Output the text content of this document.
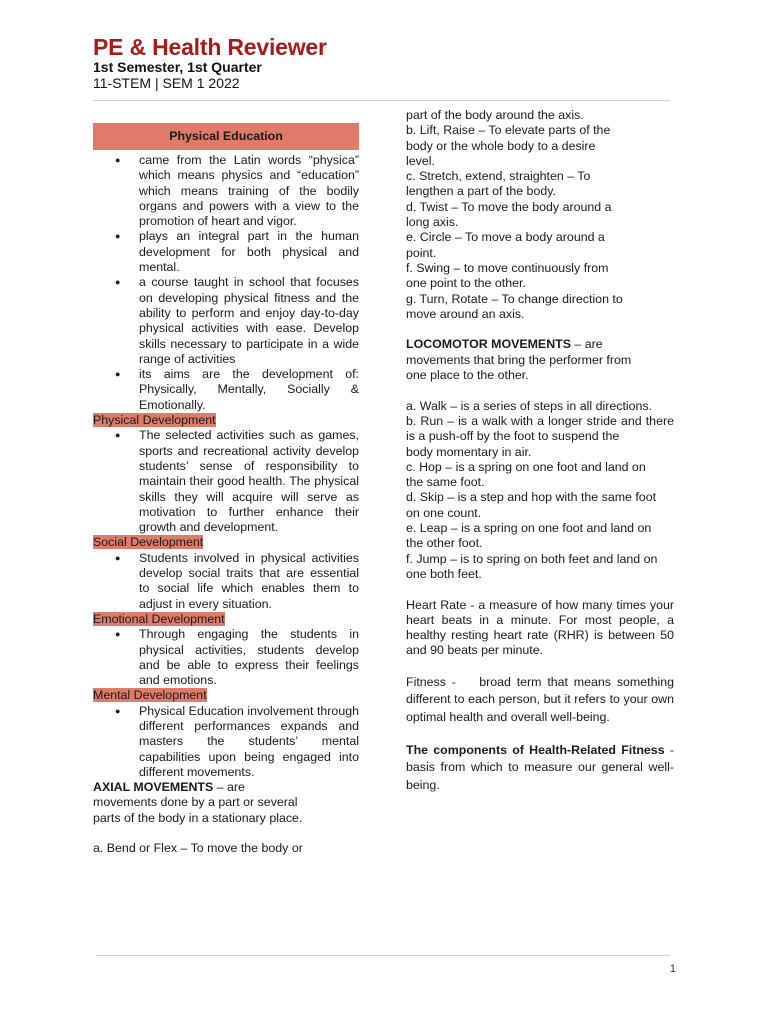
PE & Health Reviewer
1st Semester, 1st Quarter
11-STEM | SEM 1 2022
Physical Education
● came from the Latin words “physica” which means physics and “education” which means training of the bodily organs and powers with a view to the promotion of heart and vigor.
● plays an integral part in the human development for both physical and mental.
● a course taught in school that focuses on developing physical fitness and the ability to perform and enjoy day-to-day physical activities with ease. Develop skills necessary to participate in a wide range of activities
● its aims are the development of: Physically, Mentally, Socially & Emotionally.
Physical Development
● The selected activities such as games, sports and recreational activity develop students’ sense of responsibility to maintain their good health. The physical skills they will acquire will serve as motivation to further enhance their growth and development.
Social Development
● Students involved in physical activities develop social traits that are essential to social life which enables them to adjust in every situation.
Emotional Development
● Through engaging the students in physical activities, students develop and be able to express their feelings and emotions.
Mental Development
● Physical Education involvement through different performances expands and masters the students’ mental capabilities upon being engaged into different movements.
AXIAL MOVEMENTS – are
movements done by a part or several
parts of the body in a stationary place.
a. Bend or Flex – To move the body or
part of the body around the axis.
b. Lift, Raise – To elevate parts of the
body or the whole body to a desire
level.
c. Stretch, extend, straighten – To
lengthen a part of the body.
d. Twist – To move the body around a
long axis.
e. Circle – To move a body around a
point.
f. Swing – to move continuously from
one point to the other.
g. Turn, Rotate – To change direction to
move around an axis.
LOCOMOTOR MOVEMENTS – are
movements that bring the performer from
one place to the other.
a. Walk – is a series of steps in all directions.
b. Run – is a walk with a longer stride and there is a push-off by the foot to suspend the
body momentary in air.
c. Hop – is a spring on one foot and land on
the same foot.
d. Skip – is a step and hop with the same foot
on one count.
e. Leap – is a spring on one foot and land on
the other foot.
f. Jump – is to spring on both feet and land on
one both feet.
Heart Rate - a measure of how many times your heart beats in a minute. For most people, a healthy resting heart rate (RHR) is between 50 and 90 beats per minute.
Fitness -    broad term that means something different to each person, but it refers to your own optimal health and overall well-being.
The components of Health-Related Fitness - basis from which to measure our general well-being.
1
